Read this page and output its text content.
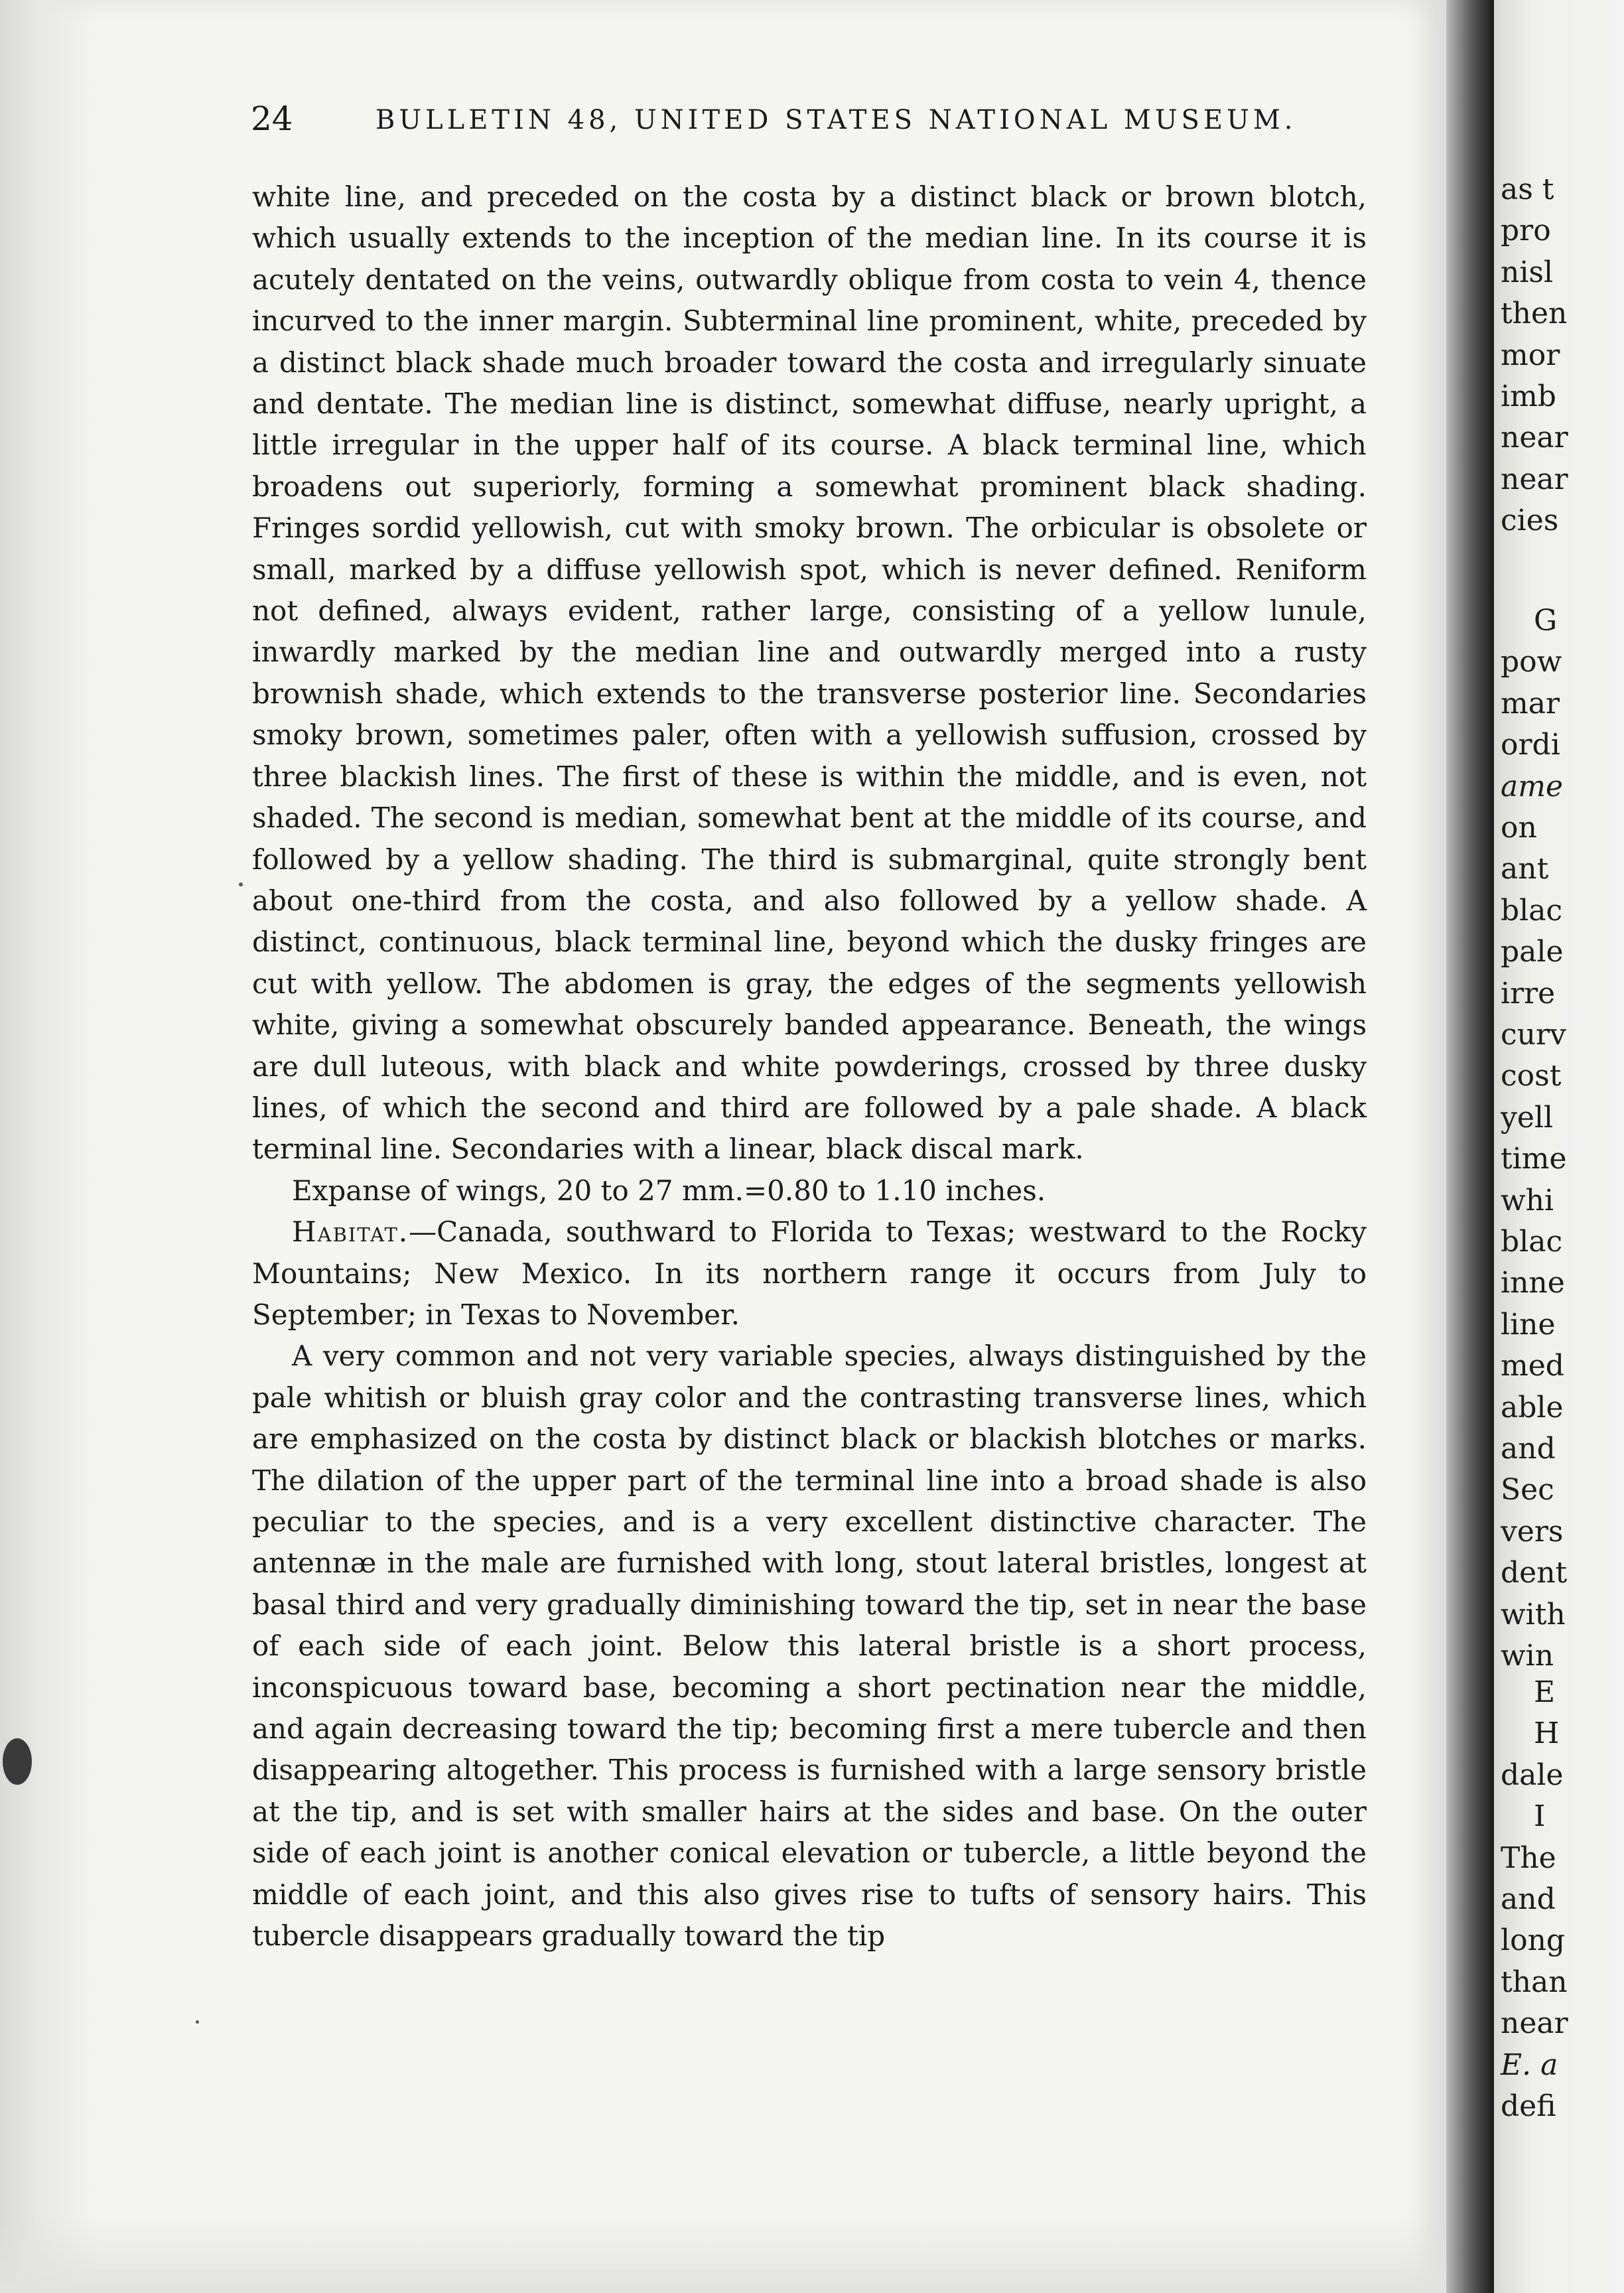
24	BULLETIN 48, UNITED STATES NATIONAL MUSEUM.

white line, and preceded on the costa by a distinct black or brown blotch, which usually extends to the inception of the median line. In its course it is acutely dentated on the veins, outwardly oblique from costa to vein 4, thence incurved to the inner margin. Subterminal line prominent, white, preceded by a distinct black shade much broader toward the costa and irregularly sinuate and dentate. The median line is distinct, somewhat diffuse, nearly upright, a little irregular in the upper half of its course. A black terminal line, which broadens out superiorly, forming a somewhat prominent black shading. Fringes sordid yellowish, cut with smoky brown. The orbicular is obsolete or small, marked by a diffuse yellowish spot, which is never defined. Reniform not defined, always evident, rather large, consisting of a yellow lunule, inwardly marked by the median line and outwardly merged into a rusty brownish shade, which extends to the transverse posterior line. Secondaries smoky brown, sometimes paler, often with a yellowish suffusion, crossed by three blackish lines. The first of these is within the middle, and is even, not shaded. The second is median, somewhat bent at the middle of its course, and followed by a yellow shading. The third is submarginal, quite strongly bent about one-third from the costa, and also followed by a yellow shade. A distinct, continuous, black terminal line, beyond which the dusky fringes are cut with yellow. The abdomen is gray, the edges of the segments yellowish white, giving a somewhat obscurely banded appearance. Beneath, the wings are dull luteous, with black and white powderings, crossed by three dusky lines, of which the second and third are followed by a pale shade. A black terminal line. Secondaries with a linear, black discal mark.

Expanse of wings, 20 to 27 mm.=0.80 to 1.10 inches.

Habitat.—Canada, southward to Florida to Texas; westward to the Rocky Mountains; New Mexico. In its northern range it occurs from July to September; in Texas to November.

A very common and not very variable species, always distinguished by the pale whitish or bluish gray color and the contrasting transverse lines, which are emphasized on the costa by distinct black or blackish blotches or marks. The dilation of the upper part of the terminal line into a broad shade is also peculiar to the species, and is a very excellent distinctive character. The antennæ in the male are furnished with long, stout lateral bristles, longest at basal third and very gradually diminishing toward the tip, set in near the base of each side of each joint. Below this lateral bristle is a short process, inconspicuous toward base, becoming a short pectination near the middle, and again decreasing toward the tip; becoming first a mere tubercle and then disappearing altogether. This process is furnished with a large sensory bristle at the tip, and is set with smaller hairs at the sides and base. On the outer side of each joint is another conical elevation or tubercle, a little beyond the middle of each joint, and this also gives rise to tufts of sensory hairs. This tubercle disappears gradually toward the tip

as t
pro
nisl
then
mor
imb
near
near
cies
G
pow
mar
ordi
ame
on
ant
blac
pale
irre
curv
cost
yell
time
whi
blac
inne
line
med
able
and
Sec
vers
dent
with
win
E
H
dale
I
The
and
long
than
near
E. a
defi
